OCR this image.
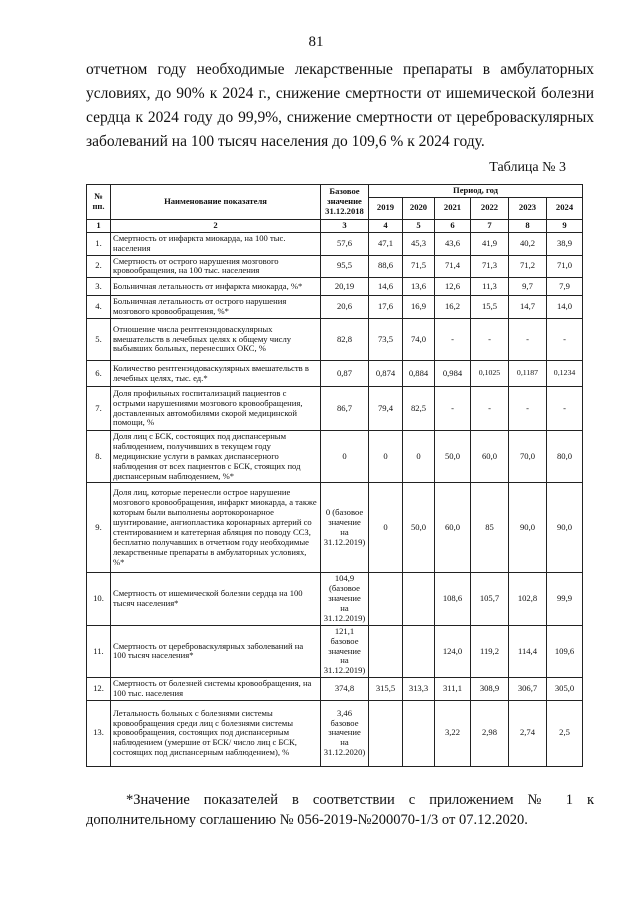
81
отчетном году необходимые лекарственные препараты в амбулаторных условиях, до 90% к 2024 г., снижение смертности от ишемической болезни сердца к 2024 году до 99,9%, снижение смертности от цереброваскулярных заболеваний на 100 тысяч населения до 109,6 % к 2024 году.
Таблица № 3
№ пп.	Наименование показателя	Базовое значение 31.12.2018	Период, год					
			2019	2020	2021	2022	2023	2024
1	2	3	4	5	6	7	8	9
1.	Смертность от инфаркта миокарда, на 100 тыс. населения	57,6	47,1	45,3	43,6	41,9	40,2	38,9
2.	Смертность от острого нарушения мозгового кровообращения, на 100 тыс. населения	95,5	88,6	71,5	71,4	71,3	71,2	71,0
3.	Больничная летальность от инфаркта миокарда, %*	20,19	14,6	13,6	12,6	11,3	9,7	7,9
4.	Больничная летальность от острого нарушения мозгового кровообращения, %*	20,6	17,6	16,9	16,2	15,5	14,7	14,0
5.	Отношение числа рентгенэндоваскулярных вмешательств в лечебных целях к общему числу выбывших больных, перенесших ОКС, %	82,8	73,5	74,0	-	-	-	-
6.	Количество рентгенэндоваскулярных вмешательств в лечебных целях, тыс. ед.*	0,87	0,874	0,884	0,984	0,1025	0,1187	0,1234
7.	Доля профильных госпитализаций пациентов с острыми нарушениями мозгового кровообращения, доставленных автомобилями скорой медицинской помощи, %	86,7	79,4	82,5	-	-	-	-
8.	Доля лиц с БСК, состоящих под диспансерным наблюдением, получивших в текущем году медицинские услуги в рамках диспансерного наблюдения от всех пациентов с БСК, стоящих под диспансерным наблюдением, %*	0	0	0	50,0	60,0	70,0	80,0
9.	Доля лиц, которые перенесли острое нарушение мозгового кровообращения, инфаркт миокарда, а также которым были выполнены аортокоронарное шунтирование, ангиопластика коронарных артерий со стентированием и катетерная абляция по поводу ССЗ, бесплатно получавших в отчетном году необходимые лекарственные препараты в амбулаторных условиях, %*	0 (базовое значение на 31.12.2019)	0	50,0	60,0	85	90,0	90,0
10.	Смертность от ишемической болезни сердца на 100 тысяч населения*	104,9 (базовое значение на 31.12.2019)			108,6	105,7	102,8	99,9
11.	Смертность от цереброваскулярных заболеваний на 100 тысяч населения*	121,1 базовое значение на 31.12.2019)			124,0	119,2	114,4	109,6
12.	Смертность от болезней системы кровообращения, на 100 тыс. населения	374,8	315,5	313,3	311,1	308,9	306,7	305,0
13.	Летальность больных с болезнями системы кровообращения среди лиц с болезнями системы кровообращения, состоящих под диспансерным наблюдением (умершие от БСК/ число лиц с БСК, состоящих под диспансерным наблюдением), %	3,46 базовое значение на 31.12.2020)			3,22	2,98	2,74	2,5
*Значение показателей в соответствии с приложением № 1 к дополнительному соглашению № 056-2019-№200070-1/3 от 07.12.2020.
